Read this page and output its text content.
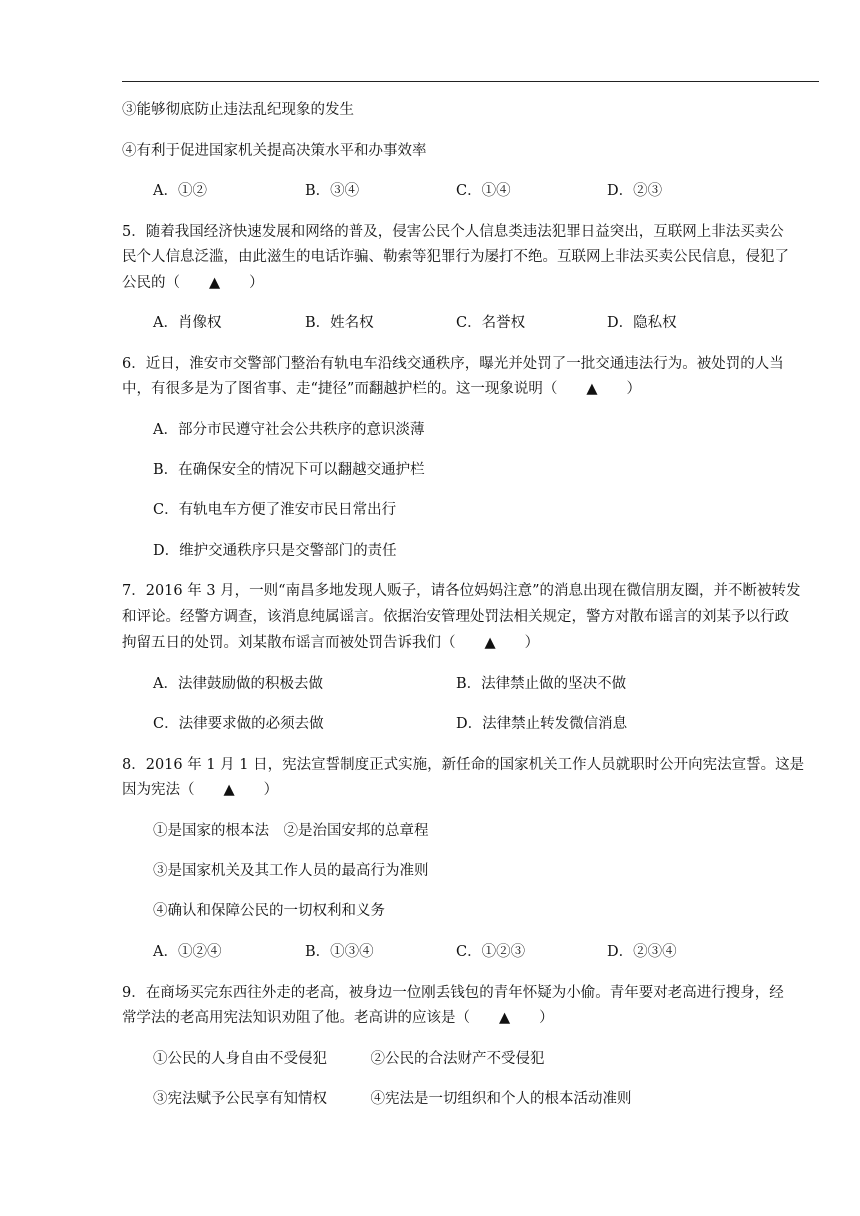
③能够彻底防止违法乱纪现象的发生
④有利于促进国家机关提高决策水平和办事效率
A．①②	B．③④	C．①④	D．②③
5．随着我国经济快速发展和网络的普及，侵害公民个人信息类违法犯罪日益突出，互联网上非法买卖公
民个人信息泛滥，由此滋生的电话诈骗、勒索等犯罪行为屡打不绝。互联网上非法买卖公民信息，侵犯了
公民的（　　▲　　）
A．肖像权	B．姓名权	C．名誉权	D．隐私权
6．近日，淮安市交警部门整治有轨电车沿线交通秩序，曝光并处罚了一批交通违法行为。被处罚的人当
中，有很多是为了图省事、走“捷径”而翻越护栏的。这一现象说明（　　▲　　）
A．部分市民遵守社会公共秩序的意识淡薄
B．在确保安全的情况下可以翻越交通护栏
C．有轨电车方便了淮安市民日常出行
D．维护交通秩序只是交警部门的责任
7．2016 年 3 月，一则“南昌多地发现人贩子，请各位妈妈注意”的消息出现在微信朋友圈，并不断被转发
和评论。经警方调查，该消息纯属谣言。依据治安管理处罚法相关规定，警方对散布谣言的刘某予以行政
拘留五日的处罚。刘某散布谣言而被处罚告诉我们（　　▲　　）
A．法律鼓励做的积极去做	B．法律禁止做的坚决不做
C．法律要求做的必须去做	D．法律禁止转发微信消息
8．2016 年 1 月 1 日，宪法宣誓制度正式实施，新任命的国家机关工作人员就职时公开向宪法宣誓。这是
因为宪法（　　▲　　）
①是国家的根本法　②是治国安邦的总章程
③是国家机关及其工作人员的最高行为准则
④确认和保障公民的一切权利和义务
A．①②④	B．①③④	C．①②③	D．②③④
9．在商场买完东西往外走的老高，被身边一位刚丢钱包的青年怀疑为小偷。青年要对老高进行搜身，经
常学法的老高用宪法知识劝阻了他。老高讲的应该是（　　▲　　）
①公民的人身自由不受侵犯　　　②公民的合法财产不受侵犯
③宪法赋予公民享有知情权　　　④宪法是一切组织和个人的根本活动准则
